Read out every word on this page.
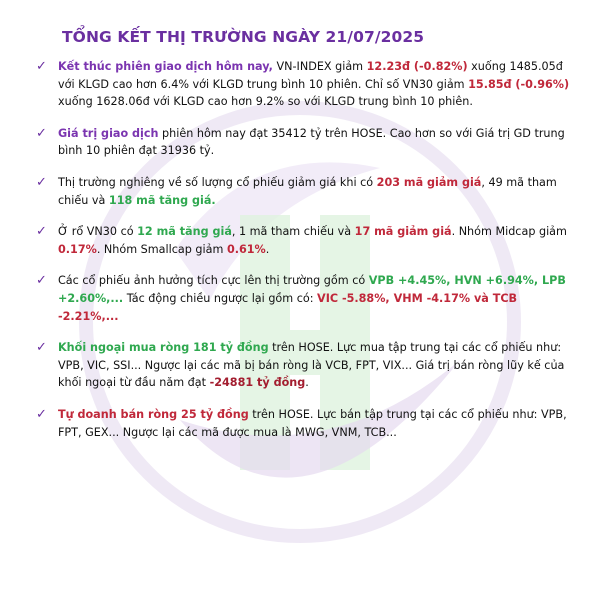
TỔNG KẾT THỊ TRƯỜNG NGÀY 21/07/2025
✓ Kết thúc phiên giao dịch hôm nay, VN-INDEX giảm 12.23đ (-0.82%) xuống 1485.05đ với KLGD cao hơn 6.4% với KLGD trung bình 10 phiên. Chỉ số VN30 giảm 15.85đ (-0.96%) xuống 1628.06đ với KLGD cao hơn 9.2% so với KLGD trung bình 10 phiên.
✓ Giá trị giao dịch phiên hôm nay đạt 35412 tỷ trên HOSE. Cao hơn so với Giá trị GD trung bình 10 phiên đạt 31936 tỷ.
✓ Thị trường nghiêng về số lượng cổ phiếu giảm giá khi có 203 mã giảm giá, 49 mã tham chiếu và 118 mã tăng giá.
✓ Ở rổ VN30 có 12 mã tăng giá, 1 mã tham chiếu và 17 mã giảm giá. Nhóm Midcap giảm 0.17%. Nhóm Smallcap giảm 0.61%.
✓ Các cổ phiếu ảnh hưởng tích cực lên thị trường gồm có VPB +4.45%, HVN +6.94%, LPB +2.60%,... Tác động chiều ngược lại gồm có: VIC -5.88%, VHM -4.17% và TCB -2.21%,...
✓ Khối ngoại mua ròng 181 tỷ đồng trên HOSE. Lực mua tập trung tại các cổ phiếu như: VPB, VIC, SSI... Ngược lại các mã bị bán ròng là VCB, FPT, VIX... Giá trị bán ròng lũy kế của khối ngoại từ đầu năm đạt -24881 tỷ đồng.
✓ Tự doanh bán ròng 25 tỷ đồng trên HOSE. Lực bán tập trung tại các cổ phiếu như: VPB, FPT, GEX... Ngược lại các mã được mua là MWG, VNM, TCB...
